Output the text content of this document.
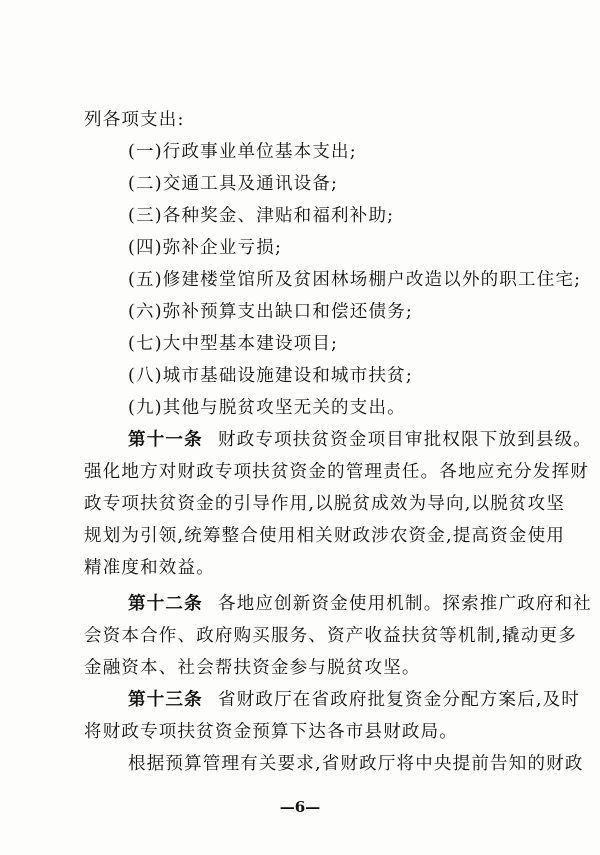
列各项支出:
(一)行政事业单位基本支出;
(二)交通工具及通讯设备;
(三)各种奖金、津贴和福利补助;
(四)弥补企业亏损;
(五)修建楼堂馆所及贫困林场棚户改造以外的职工住宅;
(六)弥补预算支出缺口和偿还债务;
(七)大中型基本建设项目;
(八)城市基础设施建设和城市扶贫;
(九)其他与脱贫攻坚无关的支出。
第十一条 财政专项扶贫资金项目审批权限下放到县级。
强化地方对财政专项扶贫资金的管理责任。各地应充分发挥财
政专项扶贫资金的引导作用,以脱贫成效为导向,以脱贫攻坚
规划为引领,统筹整合使用相关财政涉农资金,提高资金使用
精准度和效益。
第十二条 各地应创新资金使用机制。探索推广政府和社
会资本合作、政府购买服务、资产收益扶贫等机制,撬动更多
金融资本、社会帮扶资金参与脱贫攻坚。
第十三条 省财政厅在省政府批复资金分配方案后,及时
将财政专项扶贫资金预算下达各市县财政局。
根据预算管理有关要求,省财政厅将中央提前告知的财政
—6—
